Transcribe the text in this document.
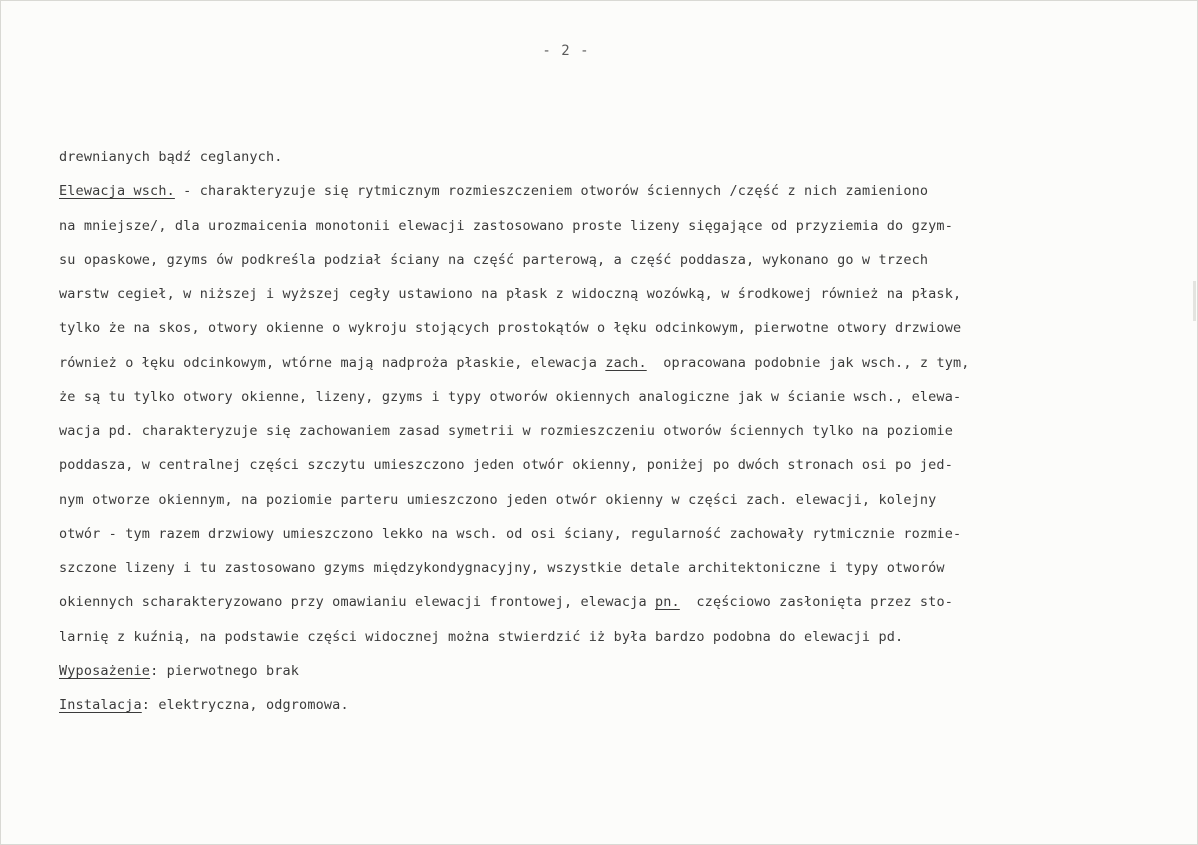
- 2 -
drewnianych bądź ceglanych.
Elewacja wsch. - charakteryzuje się rytmicznym rozmieszczeniem otworów ściennych /część z nich zamieniono
na mniejsze/, dla urozmaicenia monotonii elewacji zastosowano proste lizeny sięgające od przyziemia do gzym-
su opaskowe, gzyms ów podkreśla podział ściany na część parterową, a część poddasza, wykonano go w trzech
warstw cegieł, w niższej i wyższej cegły ustawiono na płask z widoczną wozówką, w środkowej również na płask,
tylko że na skos, otwory okienne o wykroju stojących prostokątów o łęku odcinkowym, pierwotne otwory drzwiowe
również o łęku odcinkowym, wtórne mają nadproża płaskie, elewacja zach.  opracowana podobnie jak wsch., z tym,
że są tu tylko otwory okienne, lizeny, gzyms i typy otworów okiennych analogiczne jak w ścianie wsch., elewa-
wacja pd. charakteryzuje się zachowaniem zasad symetrii w rozmieszczeniu otworów ściennych tylko na poziomie
poddasza, w centralnej części szczytu umieszczono jeden otwór okienny, poniżej po dwóch stronach osi po jed-
nym otworze okiennym, na poziomie parteru umieszczono jeden otwór okienny w części zach. elewacji, kolejny
otwór - tym razem drzwiowy umieszczono lekko na wsch. od osi ściany, regularność zachowały rytmicznie rozmie-
szczone lizeny i tu zastosowano gzyms międzykondygnacyjny, wszystkie detale architektoniczne i typy otworów
okiennych scharakteryzowano przy omawianiu elewacji frontowej, elewacja pn.  częściowo zasłonięta przez sto-
larnię z kuźnią, na podstawie części widocznej można stwierdzić iż była bardzo podobna do elewacji pd.
Wyposażenie: pierwotnego brak
Instalacja: elektryczna, odgromowa.
